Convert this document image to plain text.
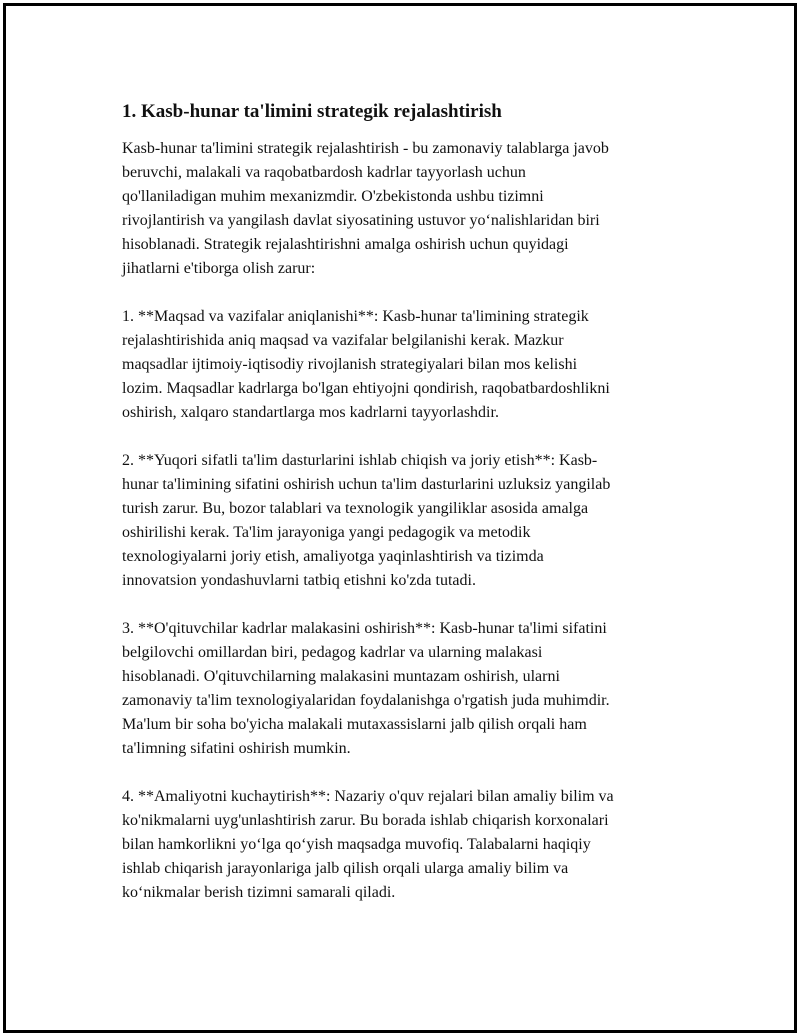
1. Kasb-hunar ta'limini strategik rejalashtirish
Kasb-hunar ta'limini strategik rejalashtirish - bu zamonaviy talablarga javob
beruvchi, malakali va raqobatbardosh kadrlar tayyorlash uchun
qo'llaniladigan muhim mexanizmdir. O'zbekistonda ushbu tizimni
rivojlantirish va yangilash davlat siyosatining ustuvor yo‘nalishlaridan biri
hisoblanadi. Strategik rejalashtirishni amalga oshirish uchun quyidagi
jihatlarni e'tiborga olish zarur:
1. **Maqsad va vazifalar aniqlanishi**: Kasb-hunar ta'limining strategik
rejalashtirishida aniq maqsad va vazifalar belgilanishi kerak. Mazkur
maqsadlar ijtimoiy-iqtisodiy rivojlanish strategiyalari bilan mos kelishi
lozim. Maqsadlar kadrlarga bo'lgan ehtiyojni qondirish, raqobatbardoshlikni
oshirish, xalqaro standartlarga mos kadrlarni tayyorlashdir.
2. **Yuqori sifatli ta'lim dasturlarini ishlab chiqish va joriy etish**: Kasb-
hunar ta'limining sifatini oshirish uchun ta'lim dasturlarini uzluksiz yangilab
turish zarur. Bu, bozor talablari va texnologik yangiliklar asosida amalga
oshirilishi kerak. Ta'lim jarayoniga yangi pedagogik va metodik
texnologiyalarni joriy etish, amaliyotga yaqinlashtirish va tizimda
innovatsion yondashuvlarni tatbiq etishni ko'zda tutadi.
3. **O'qituvchilar kadrlar malakasini oshirish**: Kasb-hunar ta'limi sifatini
belgilovchi omillardan biri, pedagog kadrlar va ularning malakasi
hisoblanadi. O'qituvchilarning malakasini muntazam oshirish, ularni
zamonaviy ta'lim texnologiyalaridan foydalanishga o'rgatish juda muhimdir.
Ma'lum bir soha bo'yicha malakali mutaxassislarni jalb qilish orqali ham
ta'limning sifatini oshirish mumkin.
4. **Amaliyotni kuchaytirish**: Nazariy o'quv rejalari bilan amaliy bilim va
ko'nikmalarni uyg'unlashtirish zarur. Bu borada ishlab chiqarish korxonalari
bilan hamkorlikni yo‘lga qo‘yish maqsadga muvofiq. Talabalarni haqiqiy
ishlab chiqarish jarayonlariga jalb qilish orqali ularga amaliy bilim va
ko‘nikmalar berish tizimni samarali qiladi.
